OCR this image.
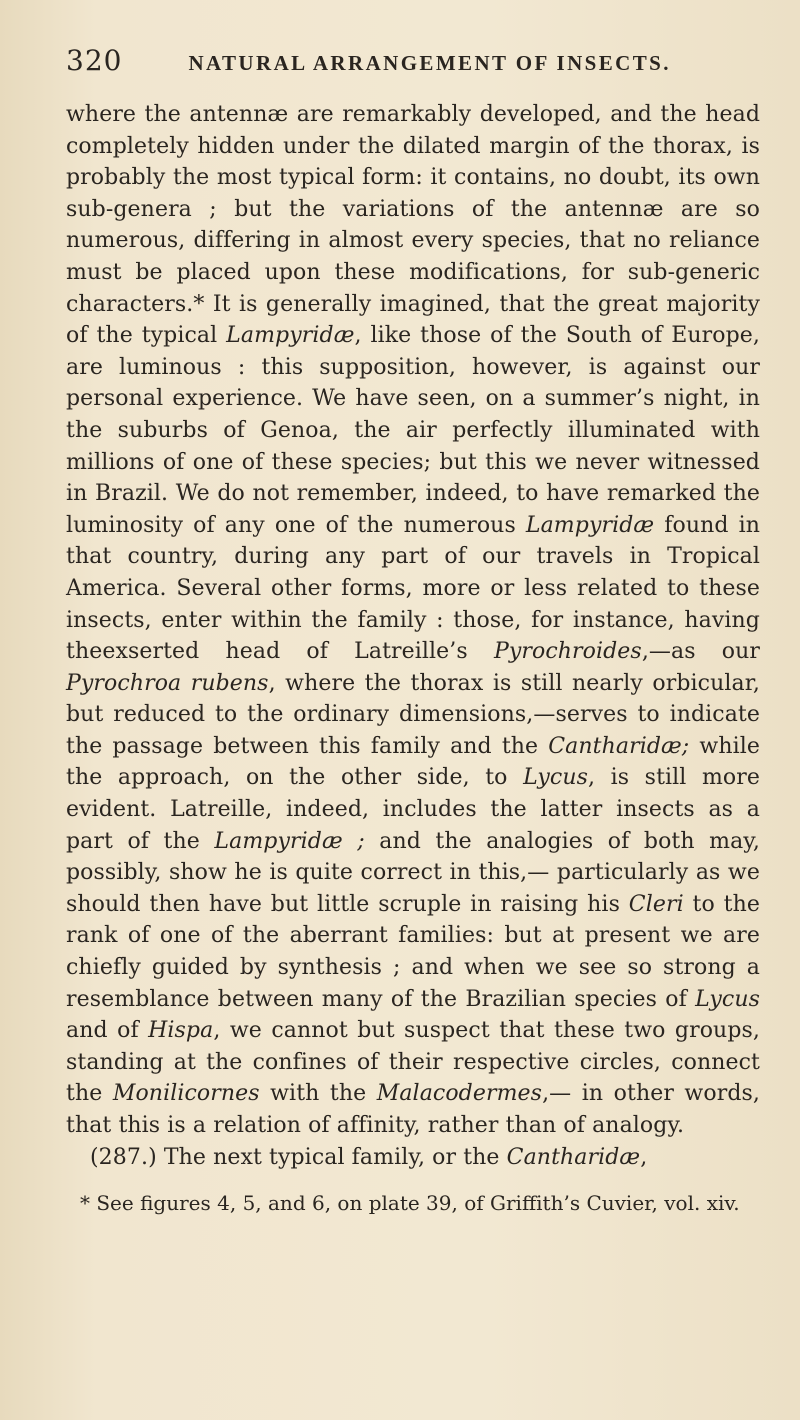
320	NATURAL ARRANGEMENT OF INSECTS.

where the antennæ are remarkably developed, and the head completely hidden under the dilated margin of the thorax, is probably the most typical form: it contains, no doubt, its own sub-genera ; but the variations of the antennæ are so numerous, differing in almost every species, that no reliance must be placed upon these modifications, for sub-generic characters.* It is generally imagined, that the great majority of the typical Lampyridæ, like those of the South of Europe, are luminous : this supposition, however, is against our personal experience. We have seen, on a summer’s night, in the suburbs of Genoa, the air perfectly illuminated with millions of one of these species; but this we never witnessed in Brazil. We do not remember, indeed, to have remarked the luminosity of any one of the numerous Lampyridæ found in that country, during any part of our travels in Tropical America. Several other forms, more or less related to these insects, enter within the family : those, for instance, having theexserted head of Latreille’s Pyrochroides,—as our Pyrochroa rubens, where the thorax is still nearly orbicular, but reduced to the ordinary dimensions,—serves to indicate the passage between this family and the Cantharidæ; while the approach, on the other side, to Lycus, is still more evident. Latreille, indeed, includes the latter insects as a part of the Lampyridæ ; and the analogies of both may, possibly, show he is quite correct in this,— particularly as we should then have but little scruple in raising his Cleri to the rank of one of the aberrant families: but at present we are chiefly guided by synthesis ; and when we see so strong a resemblance between many of the Brazilian species of Lycus and of Hispa, we cannot but suspect that these two groups, standing at the confines of their respective circles, connect the Monilicornes with the Malacodermes,— in other words, that this is a relation of affinity, rather than of analogy.

(287.) The next typical family, or the Cantharidæ,

* See figures 4, 5, and 6, on plate 39, of Griffith’s Cuvier, vol. xiv.
